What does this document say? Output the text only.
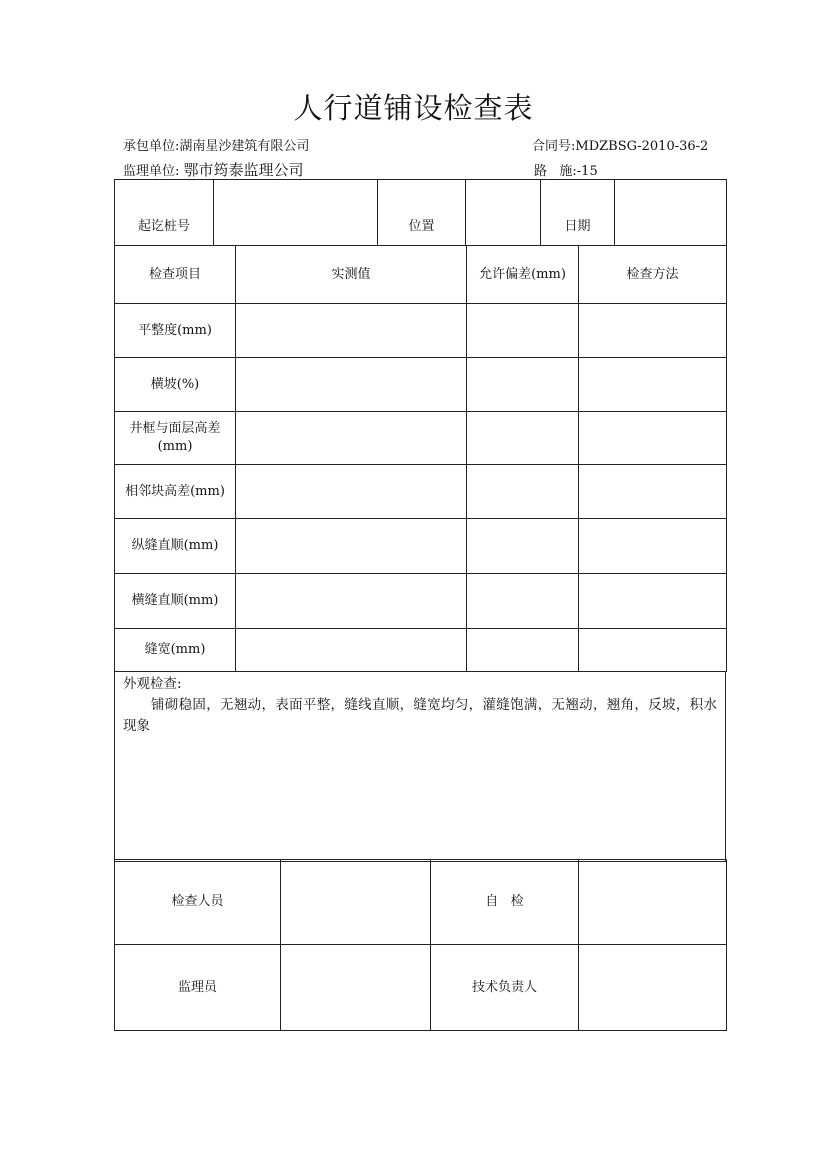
人行道铺设检查表
承包单位:湖南星沙建筑有限公司	合同号:MDZBSG-2010-36-2
监理单位: 鄂市筠泰监理公司	路   施:-15
起讫桩号		位置		日期	
检查项目	实测值	允许偏差(mm)	检查方法
平整度(mm)			
横坡(%)			
井框与面层高差(mm)			
相邻块高差(mm)			
纵缝直顺(mm)			
横缝直顺(mm)			
缝宽(mm)			
外观检查:
铺砌稳固，无翘动，表面平整，缝线直顺，缝宽均匀，灌缝饱满，无翘动，翘角，反坡，积水现象
检查人员		自   检	
监理员		技术负责人	
